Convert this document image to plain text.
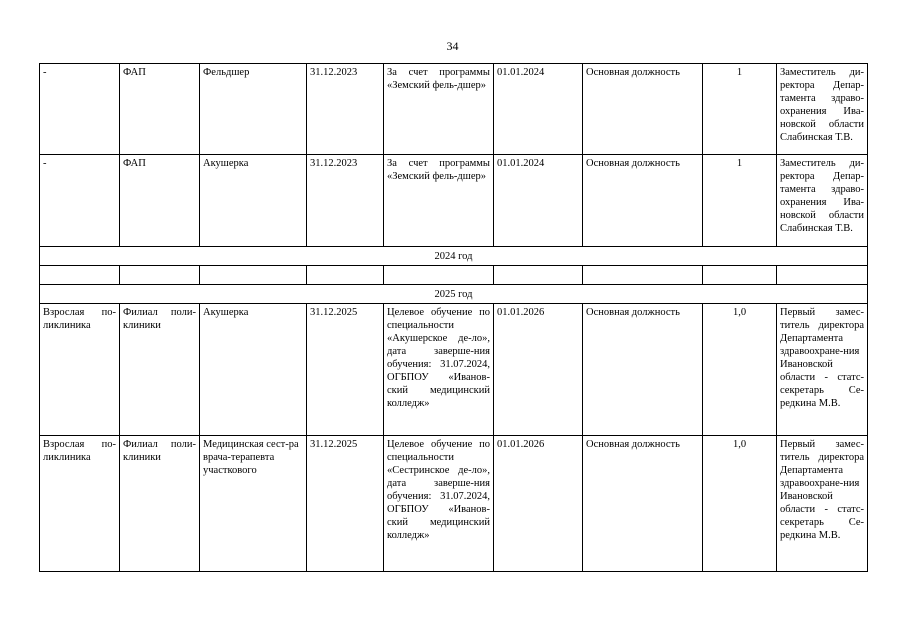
34
-	ФАП	Фельдшер	31.12.2023	За счет программы «Земский фель-дшер»	01.01.2024	Основная должность	1	Заместитель ди-ректора Депар-тамента здраво-охранения Ива-новской области Слабинская Т.В.
-	ФАП	Акушерка	31.12.2023	За счет программы «Земский фель-дшер»	01.01.2024	Основная должность	1	Заместитель ди-ректора Депар-тамента здраво-охранения Ива-новской области Слабинская Т.В.
2024 год								

2025 год								
Взрослая по-ликлиника	Филиал поли-клиники	Акушерка	31.12.2025	Целевое обучение по специальности «Акушерское де-ло», дата заверше-ния обучения: 31.07.2024, ОГБПОУ «Иванов-ский медицинский колледж»	01.01.2026	Основная должность	1,0	Первый замес-титель директора Департамента здравоохране-ния Ивановской области - статс-секретарь Се-редкина М.В.
Взрослая по-ликлиника	Филиал поли-клиники	Медицинская сест-ра врача-терапевта участкового	31.12.2025	Целевое обучение по специальности «Сестринское де-ло», дата заверше-ния обучения: 31.07.2024, ОГБПОУ «Иванов-ский медицинский колледж»	01.01.2026	Основная должность	1,0	Первый замес-титель директора Департамента здравоохране-ния Ивановской области - статс-секретарь Се-редкина М.В.
